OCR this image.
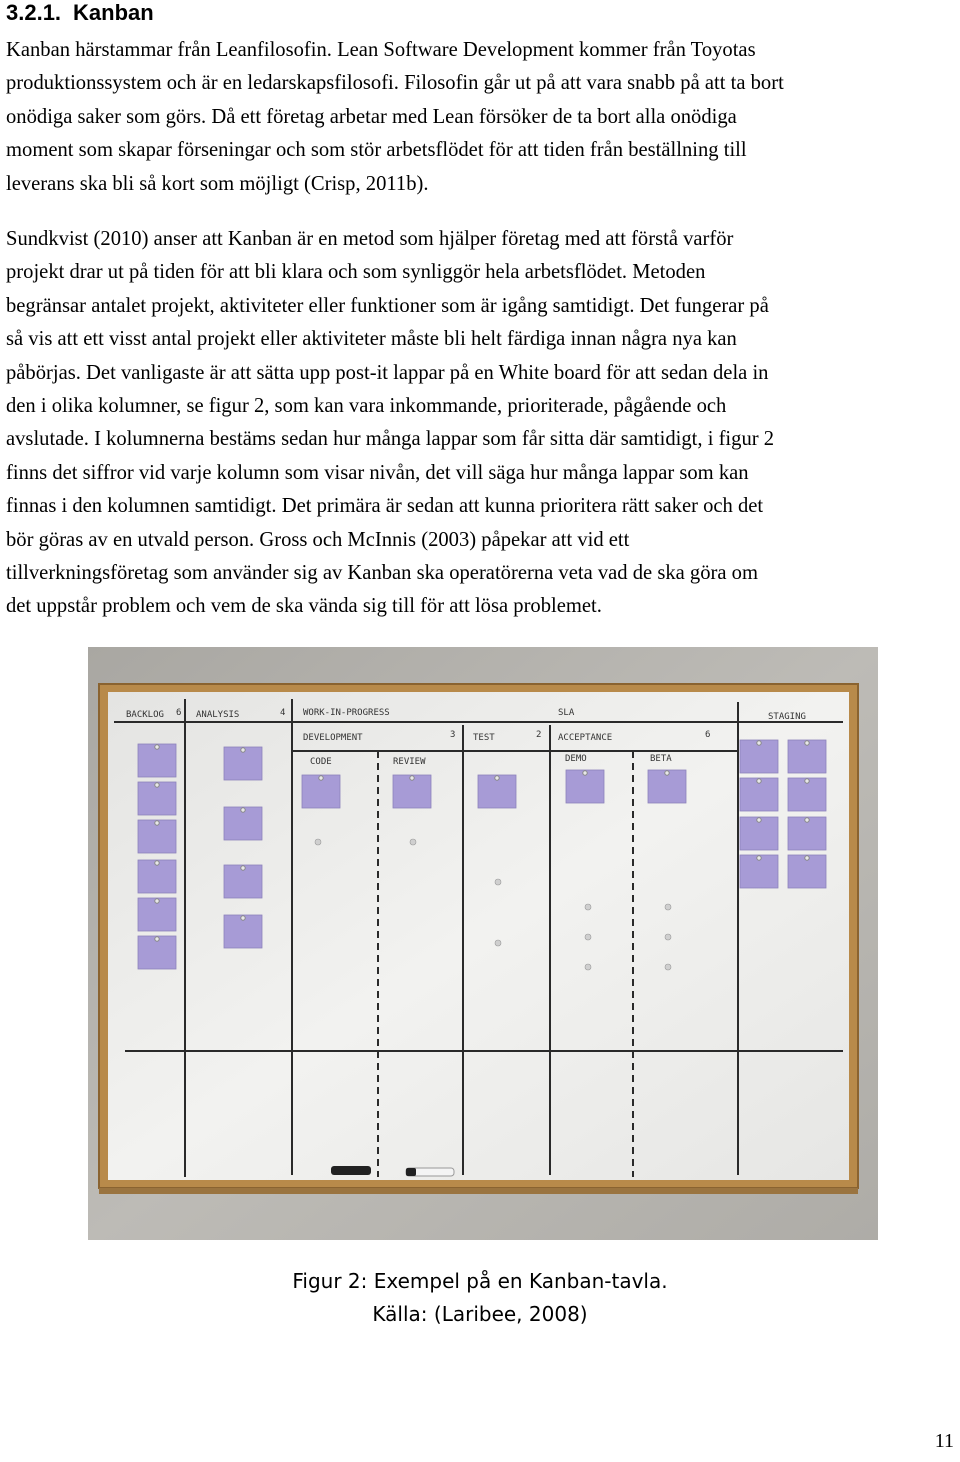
3.2.1. Kanban
Kanban härstammar från Leanfilosofin. Lean Software Development kommer från Toyotas
produktionssystem och är en ledarskapsfilosofi. Filosofin går ut på att vara snabb på att ta bort
onödiga saker som görs. Då ett företag arbetar med Lean försöker de ta bort alla onödiga
moment som skapar förseningar och som stör arbetsflödet för att tiden från beställning till
leverans ska bli så kort som möjligt (Crisp, 2011b).
Sundkvist (2010) anser att Kanban är en metod som hjälper företag med att förstå varför
projekt drar ut på tiden för att bli klara och som synliggör hela arbetsflödet. Metoden
begränsar antalet projekt, aktiviteter eller funktioner som är igång samtidigt. Det fungerar på
så vis att ett visst antal projekt eller aktiviteter måste bli helt färdiga innan några nya kan
påbörjas. Det vanligaste är att sätta upp post-it lappar på en White board för att sedan dela in
den i olika kolumner, se figur 2, som kan vara inkommande, prioriterade, pågående och
avslutade. I kolumnerna bestäms sedan hur många lappar som får sitta där samtidigt, i figur 2
finns det siffror vid varje kolumn som visar nivån, det vill säga hur många lappar som kan
finnas i den kolumnen samtidigt. Det primära är sedan att kunna prioritera rätt saker och det
bör göras av en utvald person. Gross och McInnis (2003) påpekar att vid ett
tillverkningsföretag som använder sig av Kanban ska operatörerna veta vad de ska göra om
det uppstår problem och vem de ska vända sig till för att lösa problemet.
BACKLOG 6 ANALYSIS	4 WORK-IN-PROGRESS	SLA	STAGING
DEVELOPMENT	3 TEST	2 ACCEPTANCE	6
CODE	REVIEW	DEMO	BETA
Figur 2: Exempel på en Kanban-tavla.
Källa: (Laribee, 2008)
11
